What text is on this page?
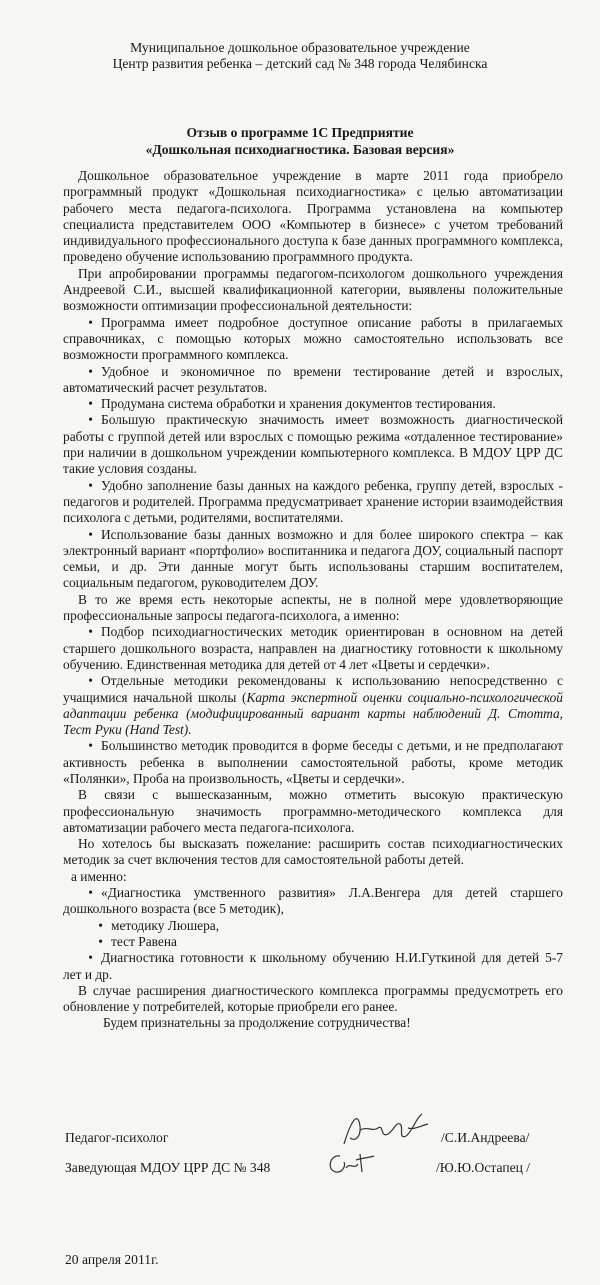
Муниципальное дошкольное образовательное учреждение
Центр развития ребенка – детский сад № 348 города Челябинска
Отзыв о программе 1С Предприятие
«Дошкольная психодиагностика. Базовая версия»

Дошкольное образовательное учреждение в марте 2011 года приобрело программный продукт «Дошкольная психодиагностика» с целью автоматизации рабочего места педагога-психолога. Программа установлена на компьютер специалиста представителем ООО «Компьютер в бизнесе» с учетом требований индивидуального профессионального доступа к базе данных программного комплекса, проведено обучение использованию программного продукта.

При апробировании программы педагогом-психологом дошкольного учреждения Андреевой С.И., высшей квалификационной категории, выявлены положительные возможности оптимизации профессиональной деятельности:

• Программа имеет подробное доступное описание работы в прилагаемых справочниках, с помощью которых можно самостоятельно использовать все возможности программного комплекса.

• Удобное и экономичное по времени тестирование детей и взрослых, автоматический расчет результатов.

• Продумана система обработки и хранения документов тестирования.

• Большую практическую значимость имеет возможность диагностической работы с группой детей или взрослых с помощью режима «отдаленное тестирование» при наличии в дошкольном учреждении компьютерного комплекса. В МДОУ ЦРР ДС такие условия созданы.

• Удобно заполнение базы данных на каждого ребенка, группу детей, взрослых - педагогов и родителей. Программа предусматривает хранение истории взаимодействия психолога с детьми, родителями, воспитателями.

• Использование базы данных возможно и для более широкого спектра – как электронный вариант «портфолио» воспитанника и педагога ДОУ, социальный паспорт семьи, и др. Эти данные могут быть использованы старшим воспитателем, социальным педагогом, руководителем ДОУ.

В то же время есть некоторые аспекты, не в полной мере удовлетворяющие профессиональные запросы педагога-психолога, а именно:

• Подбор психодиагностических методик ориентирован в основном на детей старшего дошкольного возраста, направлен на диагностику готовности к школьному обучению. Единственная методика для детей от 4 лет «Цветы и сердечки».

• Отдельные методики рекомендованы к использованию непосредственно с учащимися начальной школы (Карта экспертной оценки социально-психологической адаптации ребенка (модифицированный вариант карты наблюдений Д. Стотта, Тест Руки (Hand Test).

• Большинство методик проводится в форме беседы с детьми, и не предполагают активность ребенка в выполнении самостоятельной работы, кроме методик «Полянки», Проба на произвольность, «Цветы и сердечки».

В связи с вышесказанным, можно отметить высокую практическую профессиональную значимость программно-методического комплекса для автоматизации рабочего места педагога-психолога.

Но хотелось бы высказать пожелание: расширить состав психодиагностических методик за счет включения тестов для самостоятельной работы детей.

а именно:

• «Диагностика умственного развития» Л.А.Венгера для детей старшего дошкольного возраста (все 5 методик),

• методику Люшера,

• тест Равена

• Диагностика готовности к школьному обучению Н.И.Гуткиной для детей 5-7 лет и др.

В случае расширения диагностического комплекса программы предусмотреть его обновление у потребителей, которые приобрели его ранее.

Будем признательны за продолжение сотрудничества!

Педагог-психолог	/С.И.Андреева/
Заведующая МДОУ ЦРР ДС № 348	/Ю.Ю.Остапец /
20 апреля 2011г.
